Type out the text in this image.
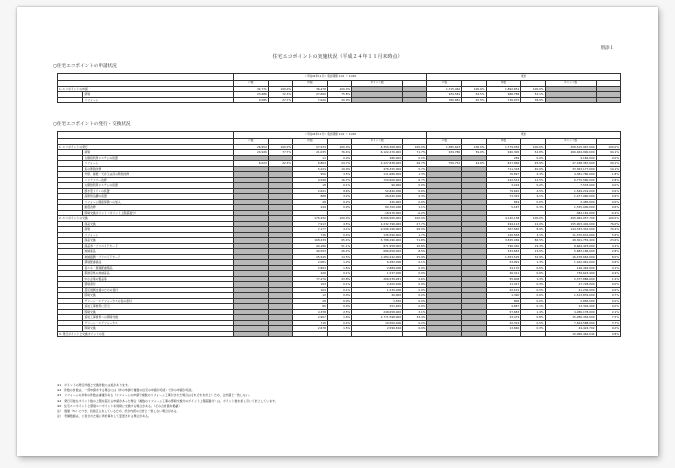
別添１
住宅エコポイントの実施状況（平成２４年１１月末時点）
○住宅エコポイントの申請状況
		＜平成24年11月＞ 集計期間 11/1 ～ 11/30						累計					
		戸数		件数		ポイント数		戸数		件数		ポイント数	
1. エコポイントの申請		32,771	100.0%	36,478	100.0%			1,715,462	100.0%	1,892,851	100.0%		
	新築	23,686	72.3%	27,666	75.8%			934,581	54.5%	986,788	52.1%		
	リフォーム	9,085	27.7%	7,620	20.9%			780,881	45.5%	736,975	38.9%		
○住宅エコポイントの発行・交換状況
		＜平成24年11月＞ 集計期間 11/1 ～ 11/30						累計					
		戸数		件数		ポイント数		戸数		件数		ポイント数	
1. エコポイントの発行		26,654	100.0%	27,533	100.0%	8,350,308,000	100.0%	1,585,623	100.0%	1,779,954	100.0%	208,515,967,000	100.0%
	新築	20,926	77.7%	21,035	76.4%	6,122,470,000	71.7%	934,780	59.0%	940,300	52.8%	266,464,900,000	94.1%
	太陽熱利用システムの設置			11	0.0%	286,000	0.0%			289	0.0%	4,182,000	0.0%
	リフォーム	6,023	22.3%	6,804	24.7%	2,227,838,000	26.7%	750,731	44.6%	817,966	45.9%	47,168,387,000	20.1%
	窓の断熱改修			5,224	19.0%	476,325,000	5.7%			711,318	40.0%	33,363,177,000	14.1%
	外壁、屋根・天井又は床の断熱改修			956	3.5%	111,686,000	1.3%			76,897	4.3%	4,381,780,000	1.8%
	バリアフリー改修			4,598	16.7%	729,606,000	8.7%			222,524	12.5%	6,775,580,000	2.8%
	太陽熱利用システムの設置			18	0.1%	90,000	0.0%			3,216	0.2%	7,533,000	0.0%
	節水型トイレの設置			2,641	9.6%	52,840,000	0.6%			79,620	4.5%	1,549,219,000	0.6%
	高断熱浴槽の設置			888	3.2%	26,640,000	0.3%			73,325	4.1%	1,477,960,000	0.6%
	リフォーム瑕疵保険への加入			48	0.2%	440,000	0.0%			849	0.0%	2,485,000	0.0%
	耐震改修			249	0.9%	89,700,000	1.1%			5,187	0.3%	1,535,000,000	0.6%
	即時交換ポイント（ポイント上限超過分）					-18,976,000	-0.2%					-384,181,000	-0.2%
2. エコポイントの交換				176,432	100.0%	8,066,566,000	100.0%			4,120,158	100.0%	205,064,057,700	100.0%
	商品交換			7,913	4.5%	2,232,796,000	27.7%			494,113	12.0%	155,903,402,000	76.0%
	新築			7,177	4.1%	2,096,196,000	26.0%			367,565	8.9%	144,333,342,000	70.4%
	リフォーム			736	0.4%	136,590,000	1.7%			126,548	3.1%	11,570,631,000	5.6%
	商品交換			168,239	95.4%	5,788,296,000	71.8%			3,565,469	86.5%	48,301,755,400	23.6%
	商品券・プリペイドカード			90,186	51.1%	871,958,000	10.8%			796,430	19.3%	8,664,423,000	4.2%
	地域産品			46,593	26.4%	686,658,000	8.5%			533,683	13.0%	5,683,186,000	2.8%
	地域振興・プリペイドカード			25,545	14.5%	1,284,242,000	15.9%			1,353,525	32.9%	16,478,664,000	8.0%
	環境配慮商品			2,081	1.2%	6,282,000	0.1%			53,991	1.3%	1,162,961,000	0.6%
	省エネ・環境配慮製品			2,893	1.6%	2,889,000	0.0%			24,170	0.6%	146,462,000	0.1%
	都道府県の地域産品			226	0.1%	1,537,000	0.0%			26,311	0.6%	739,623,400	0.4%
	中小企業の製品等			77,276	43.8%	206,539,281	2.6%			55,608	1.3%	2,377,886,000	1.2%
	環境寄付			193	0.1%	2,200,000	0.0%			11,327	0.3%	27,728,000	0.0%
	震災復興支援のための寄付			164	0.1%	1,230,000	0.0%			22,101	0.5%	41,236,000	0.0%
	即時交換			12	0.0%	40,000	0.0%			1,390	0.0%	1,513,876,000	0.7%
	グリーン・エアフォーカスの為の寄付			28	0.0%	1,550	0.0%			806	0.0%	2,856,000	0.0%
	追加工事費用に充当			86	0.0%	251,200	0.0%			4,867	0.1%	13,394,400	0.0%
	即時交換			4,338	2.5%	248,658,000	3.1%			57,683	1.4%	4,286,178,000	2.1%
	追加工事費用への即時交換			2,907	1.6%	2,771,598,000	34.4%			33,479	0.8%	15,286,356,000	7.5%
	グリーン・エアフォーカス			710	0.4%	19,500,000	0.2%			22,319	0.5%	7,644,588,000	3.7%
	即時交換			2,678	1.5%	2,596,816	0.0%			13,660	0.3%	44,422,702	0.0%
3. 発行ポイントと交換ポイントの差												10,066,464,044	4.8%
※1　ポイントの発行件数と交換件数には差があります。
※2　件数の計数は、一部申請をする場合には（件の申請で複数の住宅の申請が可能）で件の申請が可能。
※3　リフォームの対象の件数は重複がある（リフォームの申請で複数のリフォーム工事がされた場合はそれぞれを計上）ため、合計値と一致しない。
※4　発行可能なポイント数の上限を超える申請があった場合（複数のリフォーム工事の即時交換分のポイント上限超過分）は、ポイント数を差し引いて計上しています。
※5　住宅エコポイントと環境エコポイントを同時に交換する場合がある。（その合計値を掲載）
注）　数値（%）につき、四捨五入をしているため、計が内訳の合計と一致しない場合がある。
注）　実績数値は、公表された後に再計算をして変更される場合がある。
